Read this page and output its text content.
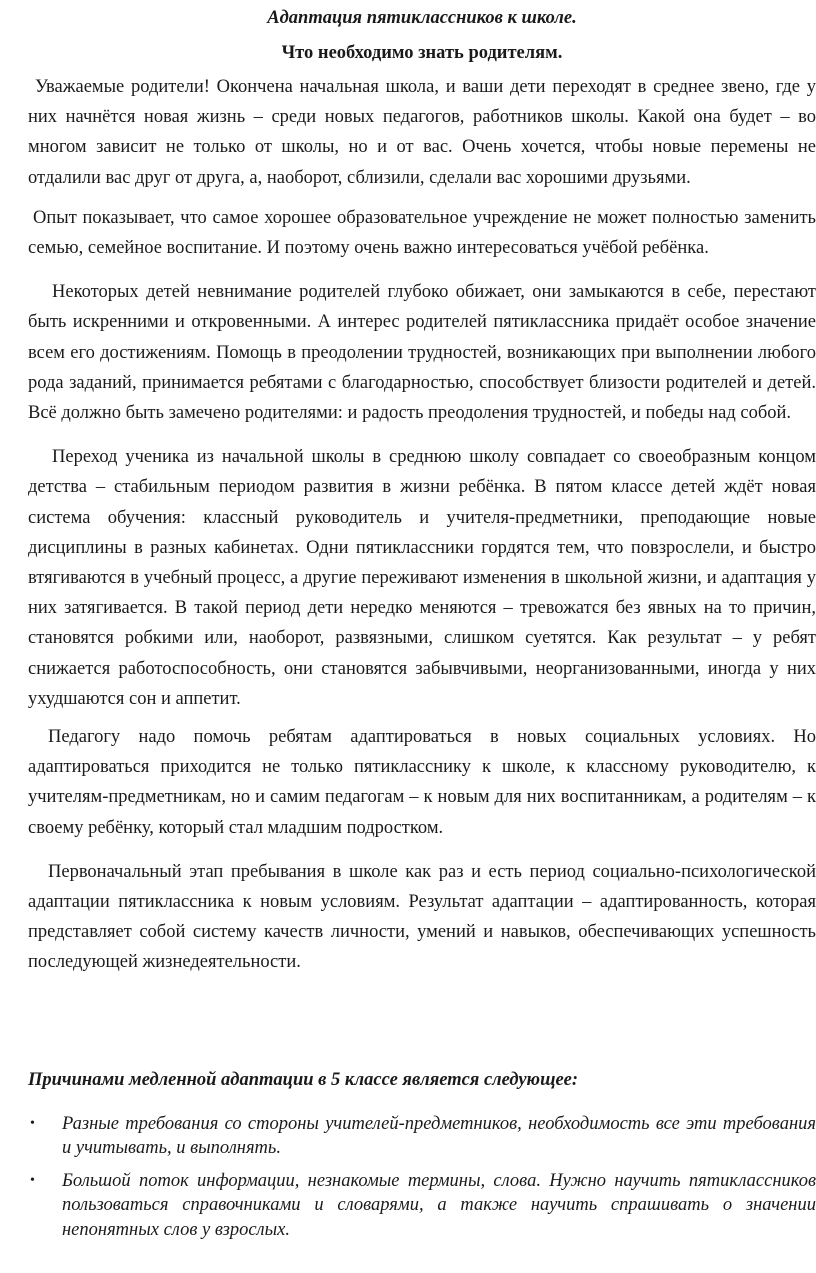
Адаптация пятиклассников к школе.

Что необходимо знать родителям.

Уважаемые родители! Окончена начальная школа, и ваши дети переходят в среднее звено, где у них начнётся новая жизнь – среди новых педагогов, работников школы. Какой она будет – во многом зависит не только от школы, но и от вас. Очень хочется, чтобы новые перемены не отдалили вас друг от друга, а, наоборот, сблизили, сделали вас хорошими друзьями.

Опыт показывает, что самое хорошее образовательное учреждение не может полностью заменить семью, семейное воспитание. И поэтому очень важно интересоваться учёбой ребёнка.

Некоторых детей невнимание родителей глубоко обижает, они замыкаются в себе, перестают быть искренними и откровенными. А интерес родителей пятиклассника придаёт особое значение всем его достижениям. Помощь в преодолении трудностей, возникающих при выполнении любого рода заданий, принимается ребятами с благодарностью, способствует близости родителей и детей. Всё должно быть замечено родителями: и радость преодоления трудностей, и победы над собой.

Переход ученика из начальной школы в среднюю школу совпадает со своеобразным концом детства – стабильным периодом развития в жизни ребёнка. В пятом классе детей ждёт новая система обучения: классный руководитель и учителя-предметники, преподающие новые дисциплины в разных кабинетах. Одни пятиклассники гордятся тем, что повзрослели, и быстро втягиваются в учебный процесс, а другие переживают изменения в школьной жизни, и адаптация у них затягивается. В такой период дети нередко меняются – тревожатся без явных на то причин, становятся робкими или, наоборот, развязными, слишком суетятся. Как результат – у ребят снижается работоспособность, они становятся забывчивыми, неорганизованными, иногда у них ухудшаются сон и аппетит.

Педагогу надо помочь ребятам адаптироваться в новых социальных условиях. Но адаптироваться приходится не только пятикласснику к школе, к классному руководителю, к учителям-предметникам, но и самим педагогам – к новым для них воспитанникам, а родителям – к своему ребёнку, который стал младшим подростком.

Первоначальный этап пребывания в школе как раз и есть период социально-психологической адаптации пятиклассника к новым условиям. Результат адаптации – адаптированность, которая представляет собой систему качеств личности, умений и навыков, обеспечивающих успешность последующей жизнедеятельности.

Причинами медленной адаптации в 5 классе является следующее:

• Разные требования со стороны учителей-предметников, необходимость все эти требования и учитывать, и выполнять.
• Большой поток информации, незнакомые термины, слова. Нужно научить пятиклассников пользоваться справочниками и словарями, а также научить спрашивать о значении непонятных слов у взрослых.
